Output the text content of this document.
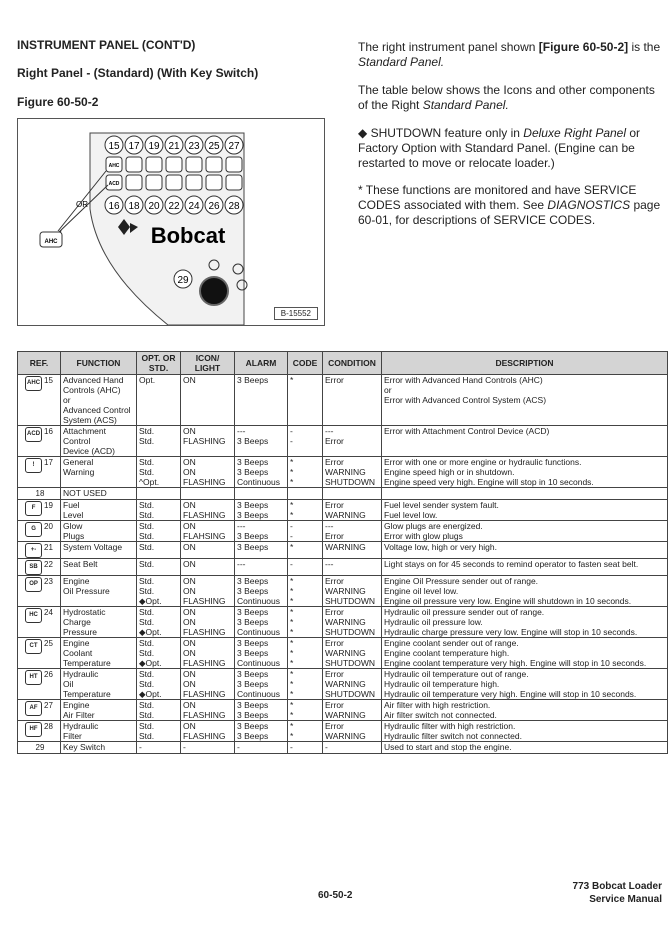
INSTRUMENT PANEL (CONT'D)
Right Panel - (Standard) (With Key Switch)
Figure 60-50-2
The right instrument panel shown [Figure 60-50-2] is the Standard Panel.
The table below shows the Icons and other components of the Right Standard Panel.
◆ SHUTDOWN feature only in Deluxe Right Panel or Factory Option with Standard Panel. (Engine can be restarted to move or relocate loader.)
* These functions are monitored and have SERVICE CODES associated with them. See DIAGNOSTICS page 60-01, for descriptions of SERVICE CODES.
15 17 19 21 23 25 27
16 18 20 22 24 26 28
AHC
ACD
AHC
OR
Bobcat
29
B-15552
REF.	FUNCTION	OPT. OR STD.	ICON/ LIGHT	ALARM	CODE	CONDITION	DESCRIPTION
AHC 15	Advanced Hand	Opt.	ON	3 Beeps	*	Error	Error with Advanced Hand Controls (AHC)
	Controls (AHC)						or
	or						Error with Advanced Control System (ACS)
	Advanced Control						
	System (ACS)						
ACD 16	Attachment	Std.	ON	---	-	---	Error with Attachment Control Device (ACD)
	Control	Std.	FLASHING	3 Beeps	-	Error	
	Device (ACD)						
! 17	General	Std.	ON	3 Beeps	*	Error	Error with one or more engine or hydraulic functions.
	Warning	Std.	ON	3 Beeps	*	WARNING	Engine speed high or in shutdown.
		^Opt.	FLASHING	Continuous	*	SHUTDOWN	Engine speed very high. Engine will stop in 10 seconds.
18	NOT USED						
F 19	Fuel	Std.	ON	3 Beeps	*	Error	Fuel level sender system fault.
	Level	Std.	FLASHING	3 Beeps	*	WARNING	Fuel level low.
G 20	Glow	Std.	ON	---	-	---	Glow plugs are energized.
	Plugs	Std.	FLAHSING	3 Beeps	-	Error	Error with glow plugs
+- 21	System Voltage	Std.	ON	3 Beeps	*	WARNING	Voltage low, high or very high.
SB 22	Seat Belt	Std.	ON	---	-	---	Light stays on for 45 seconds to remind operator to fasten seat belt.
OP 23	Engine	Std.	ON	3 Beeps	*	Error	Engine Oil Pressure sender out of range.
	Oil Pressure	Std.	ON	3 Beeps	*	WARNING	Engine oil level low.
		◆Opt.	FLASHING	Continuous	*	SHUTDOWN	Engine oil pressure very low. Engine will shutdown in 10 seconds.
HC 24	Hydrostatic	Std.	ON	3 Beeps	*	Error	Hydraulic oil pressure sender out of range.
	Charge	Std.	ON	3 Beeps	*	WARNING	Hydraulic oil pressure low.
	Pressure	◆Opt.	FLASHING	Continuous	*	SHUTDOWN	Hydraulic charge pressure very low. Engine will stop in 10 seconds.
CT 25	Engine	Std.	ON	3 Beeps	*	Error	Engine coolant sender out of range.
	Coolant	Std.	ON	3 Beeps	*	WARNING	Engine coolant temperature high.
	Temperature	◆Opt.	FLASHING	Continuous	*	SHUTDOWN	Engine coolant temperature very high. Engine will stop in 10 seconds.
HT 26	Hydraulic	Std.	ON	3 Beeps	*	Error	Hydraulic oil temperature out of range.
	Oil	Std.	ON	3 Beeps	*	WARNING	Hydraulic oil temperature high.
	Temperature	◆Opt.	FLASHING	Continuous	*	SHUTDOWN	Hydraulic oil temperature very high. Engine will stop in 10 seconds.
AF 27	Engine	Std.	ON	3 Beeps	*	Error	Air filter with high restriction.
	Air Filter	Std.	FLASHING	3 Beeps	*	WARNING	Air filter switch not connected.
HF 28	Hydraulic	Std.	ON	3 Beeps	*	Error	Hydraulic filter with high restriction.
	Filter	Std.	FLASHING	3 Beeps	*	WARNING	Hydraulic filter switch not connected.
29	Key Switch	-	-	-	-	-	Used to start and stop the engine.
60-50-2
773 Bobcat Loader
Service Manual
